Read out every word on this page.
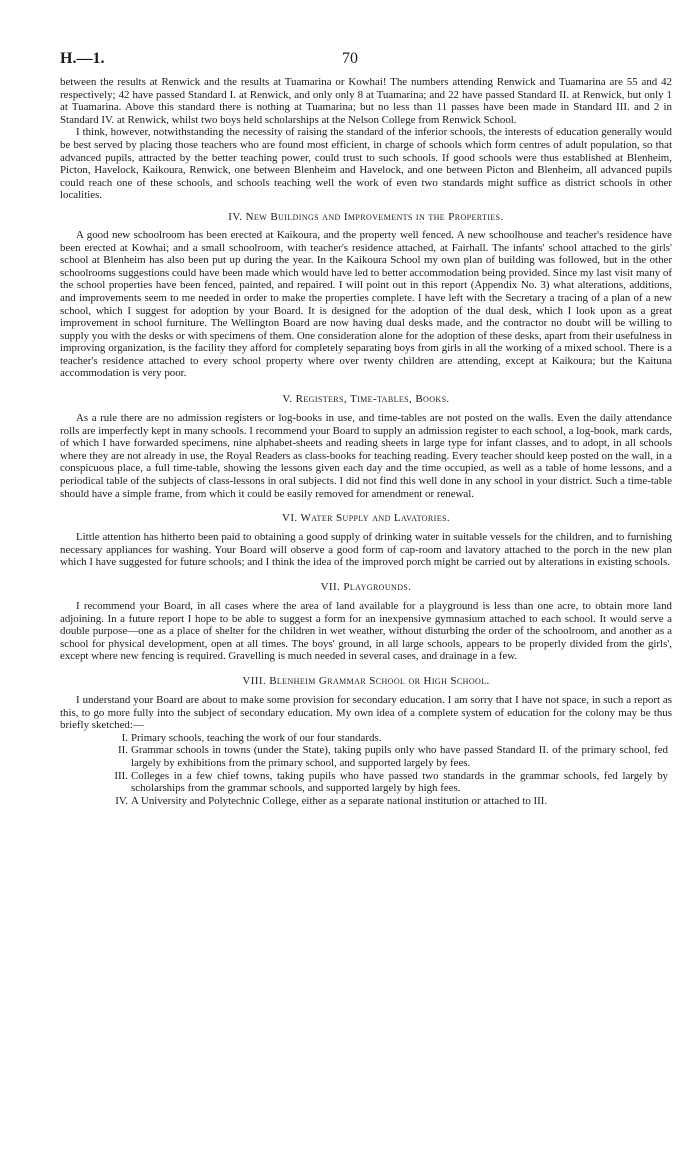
H.—1.	70

between the results at Renwick and the results at Tuamarina or Kowhai! The numbers attending Renwick and Tuamarina are 55 and 42 respectively; 42 have passed Standard I. at Renwick, and only only 8 at Tuamarina; and 22 have passed Standard II. at Renwick, but only 1 at Tuamarina. Above this standard there is nothing at Tuamarina; but no less than 11 passes have been made in Standard III. and 2 in Standard IV. at Renwick, whilst two boys held scholarships at the Nelson College from Renwick School.

I think, however, notwithstanding the necessity of raising the standard of the inferior schools, the interests of education generally would be best served by placing those teachers who are found most efficient, in charge of schools which form centres of adult population, so that advanced pupils, attracted by the better teaching power, could trust to such schools. If good schools were thus established at Blenheim, Picton, Havelock, Kaikoura, Renwick, one between Blenheim and Havelock, and one between Picton and Blenheim, all advanced pupils could reach one of these schools, and schools teaching well the work of even two standards might suffice as district schools in other localities.

IV. New Buildings and Improvements in the Properties.

A good new schoolroom has been erected at Kaikoura, and the property well fenced. A new schoolhouse and teacher's residence have been erected at Kowhai; and a small schoolroom, with teacher's residence attached, at Fairhall. The infants' school attached to the girls' school at Blenheim has also been put up during the year. In the Kaikoura School my own plan of building was followed, but in the other schoolrooms suggestions could have been made which would have led to better accommodation being provided. Since my last visit many of the school properties have been fenced, painted, and repaired. I will point out in this report (Appendix No. 3) what alterations, additions, and improvements seem to me needed in order to make the properties complete. I have left with the Secretary a tracing of a plan of a new school, which I suggest for adoption by your Board. It is designed for the adoption of the dual desk, which I look upon as a great improvement in school furniture. The Wellington Board are now having dual desks made, and the contractor no doubt will be willing to supply you with the desks or with specimens of them. One consideration alone for the adoption of these desks, apart from their usefulness in improving organization, is the facility they afford for completely separating boys from girls in all the working of a mixed school. There is a teacher's residence attached to every school property where over twenty children are attending, except at Kaikoura; but the Kaituna accommodation is very poor.

V. Registers, Time-tables, Books.

As a rule there are no admission registers or log-books in use, and time-tables are not posted on the walls. Even the daily attendance rolls are imperfectly kept in many schools. I recommend your Board to supply an admission register to each school, a log-book, mark cards, of which I have forwarded specimens, nine alphabet-sheets and reading sheets in large type for infant classes, and to adopt, in all schools where they are not already in use, the Royal Readers as class-books for teaching reading. Every teacher should keep posted on the wall, in a conspicuous place, a full time-table, showing the lessons given each day and the time occupied, as well as a table of home lessons, and a periodical table of the subjects of class-lessons in oral subjects. I did not find this well done in any school in your district. Such a time-table should have a simple frame, from which it could be easily removed for amendment or renewal.

VI. Water Supply and Lavatories.

Little attention has hitherto been paid to obtaining a good supply of drinking water in suitable vessels for the children, and to furnishing necessary appliances for washing. Your Board will observe a good form of cap-room and lavatory attached to the porch in the new plan which I have suggested for future schools; and I think the idea of the improved porch might be carried out by alterations in existing schools.

VII. Playgrounds.

I recommend your Board, in all cases where the area of land available for a playground is less than one acre, to obtain more land adjoining. In a future report I hope to be able to suggest a form for an inexpensive gymnasium attached to each school. It would serve a double purpose—one as a place of shelter for the children in wet weather, without disturbing the order of the schoolroom, and another as a school for physical development, open at all times. The boys' ground, in all large schools, appears to be properly divided from the girls', except where new fencing is required. Gravelling is much needed in several cases, and drainage in a few.

VIII. Blenheim Grammar School or High School.

I understand your Board are about to make some provision for secondary education. I am sorry that I have not space, in such a report as this, to go more fully into the subject of secondary education. My own idea of a complete system of education for the colony may be thus briefly sketched:—

I. Primary schools, teaching the work of our four standards.
II. Grammar schools in towns (under the State), taking pupils only who have passed Standard II. of the primary school, fed largely by exhibitions from the primary school, and supported largely by fees.
III. Colleges in a few chief towns, taking pupils who have passed two standards in the grammar schools, fed largely by scholarships from the grammar schools, and supported largely by high fees.
IV. A University and Polytechnic College, either as a separate national institution or attached to III.
